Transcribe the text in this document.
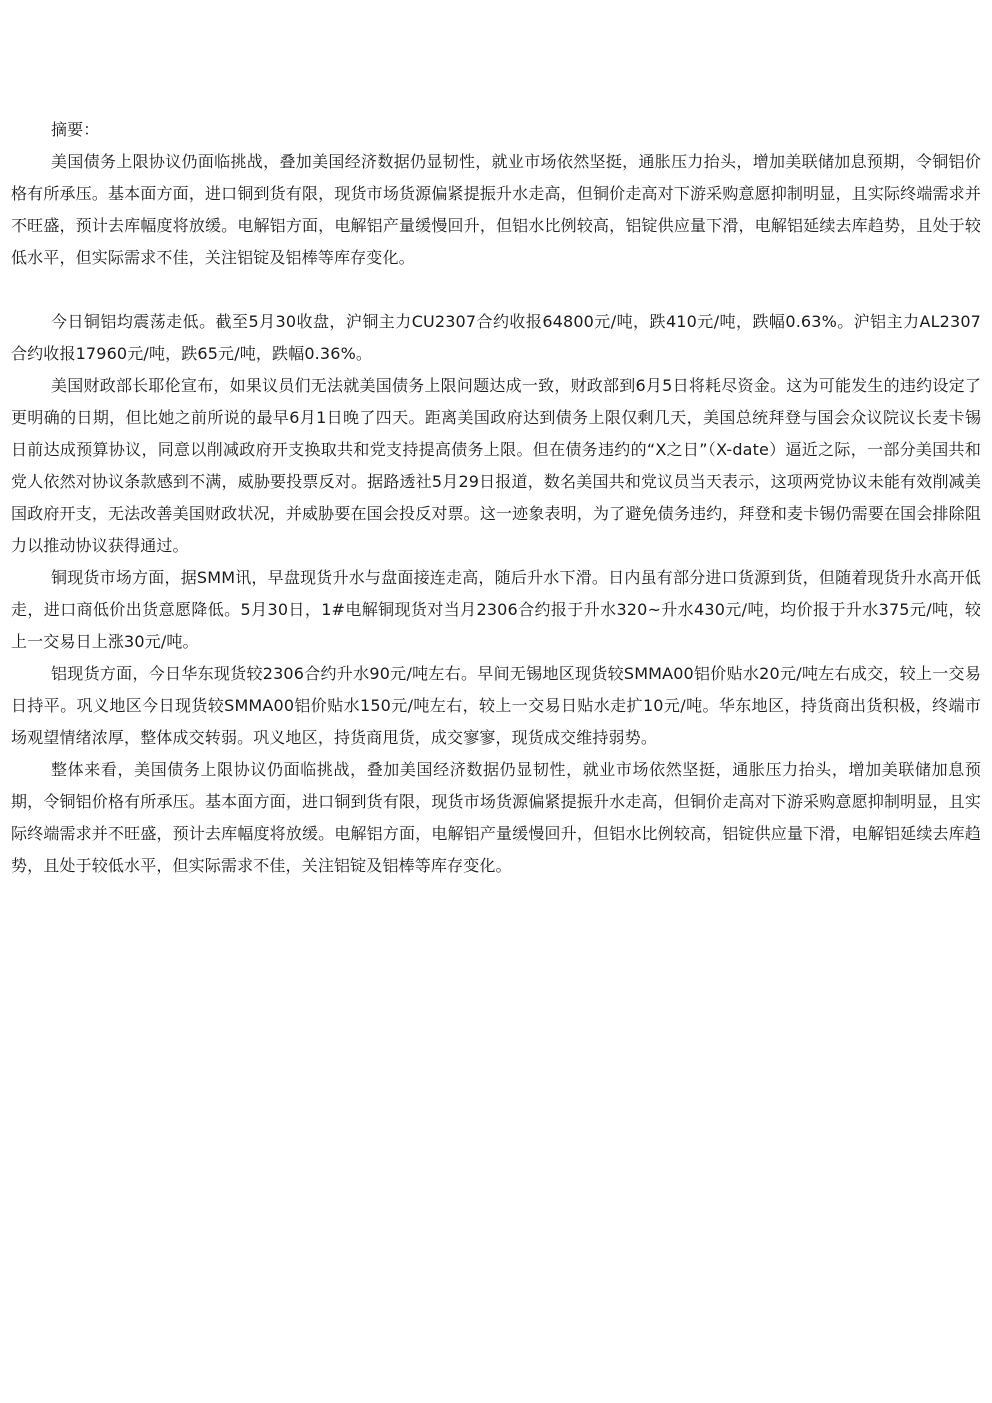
摘要：

美国债务上限协议仍面临挑战，叠加美国经济数据仍显韧性，就业市场依然坚挺，通胀压力抬头，增加美联储加息预期，令铜铝价格有所承压。基本面方面，进口铜到货有限，现货市场货源偏紧提振升水走高，但铜价走高对下游采购意愿抑制明显，且实际终端需求并不旺盛，预计去库幅度将放缓。电解铝方面，电解铝产量缓慢回升，但铝水比例较高，铝锭供应量下滑，电解铝延续去库趋势，且处于较低水平，但实际需求不佳，关注铝锭及铝棒等库存变化。

今日铜铝均震荡走低。截至5月30收盘，沪铜主力CU2307合约收报64800元/吨，跌410元/吨，跌幅0.63%。沪铝主力AL2307合约收报17960元/吨，跌65元/吨，跌幅0.36%。

美国财政部长耶伦宣布，如果议员们无法就美国债务上限问题达成一致，财政部到6月5日将耗尽资金。这为可能发生的违约设定了更明确的日期，但比她之前所说的最早6月1日晚了四天。距离美国政府达到债务上限仅剩几天，美国总统拜登与国会众议院议长麦卡锡日前达成预算协议，同意以削减政府开支换取共和党支持提高债务上限。但在债务违约的“X之日”（X-date）逼近之际，一部分美国共和党人依然对协议条款感到不满，威胁要投票反对。据路透社5月29日报道，数名美国共和党议员当天表示，这项两党协议未能有效削减美国政府开支，无法改善美国财政状况，并威胁要在国会投反对票。这一迹象表明，为了避免债务违约，拜登和麦卡锡仍需要在国会排除阻力以推动协议获得通过。

铜现货市场方面，据SMM讯，早盘现货升水与盘面接连走高，随后升水下滑。日内虽有部分进口货源到货，但随着现货升水高开低走，进口商低价出货意愿降低。5月30日，1#电解铜现货对当月2306合约报于升水320~升水430元/吨，均价报于升水375元/吨，较上一交易日上涨30元/吨。

铝现货方面，今日华东现货较2306合约升水90元/吨左右。早间无锡地区现货较SMMA00铝价贴水20元/吨左右成交，较上一交易日持平。巩义地区今日现货较SMMA00铝价贴水150元/吨左右，较上一交易日贴水走扩10元/吨。华东地区，持货商出货积极，终端市场观望情绪浓厚，整体成交转弱。巩义地区，持货商甩货，成交寥寥，现货成交维持弱势。

整体来看，美国债务上限协议仍面临挑战，叠加美国经济数据仍显韧性，就业市场依然坚挺，通胀压力抬头，增加美联储加息预期，令铜铝价格有所承压。基本面方面，进口铜到货有限，现货市场货源偏紧提振升水走高，但铜价走高对下游采购意愿抑制明显，且实际终端需求并不旺盛，预计去库幅度将放缓。电解铝方面，电解铝产量缓慢回升，但铝水比例较高，铝锭供应量下滑，电解铝延续去库趋势，且处于较低水平，但实际需求不佳，关注铝锭及铝棒等库存变化。
